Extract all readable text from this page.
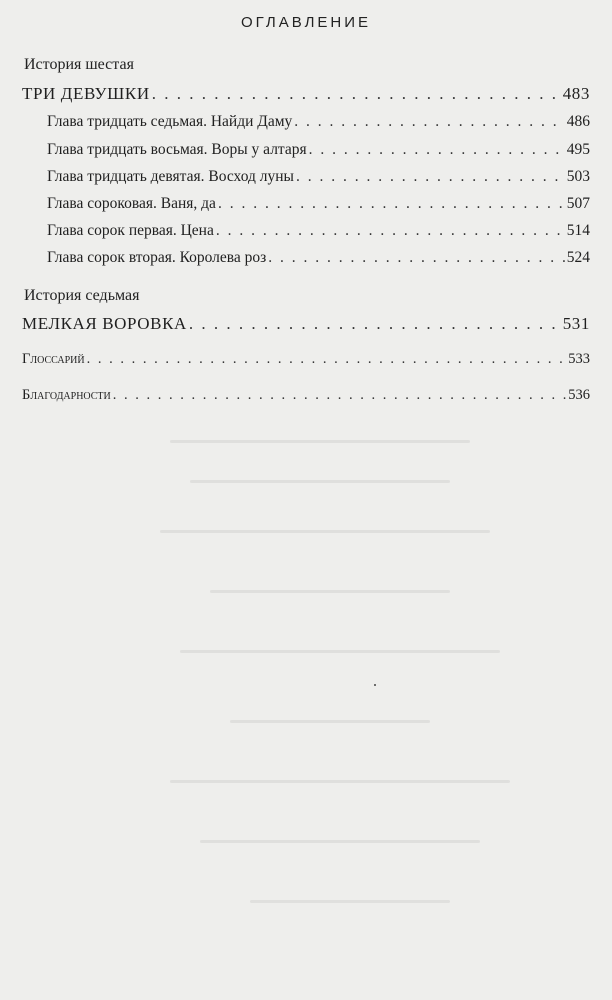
ОГЛАВЛЕНИЕ
История шестая
ТРИ ДЕВУШКИ . . .	483
Глава тридцать седьмая. Найди Даму . . .	486
Глава тридцать восьмая. Воры у алтаря . . .	495
Глава тридцать девятая. Восход луны . . .	503
Глава сороковая. Ваня, да . . .	507
Глава сорок первая. Цена . . .	514
Глава сорок вторая. Королева роз . . .	524
История седьмая
МЕЛКАЯ ВОРОВКА . . .	531
Глоссарий . . .	533
Благодарности . . .	536
